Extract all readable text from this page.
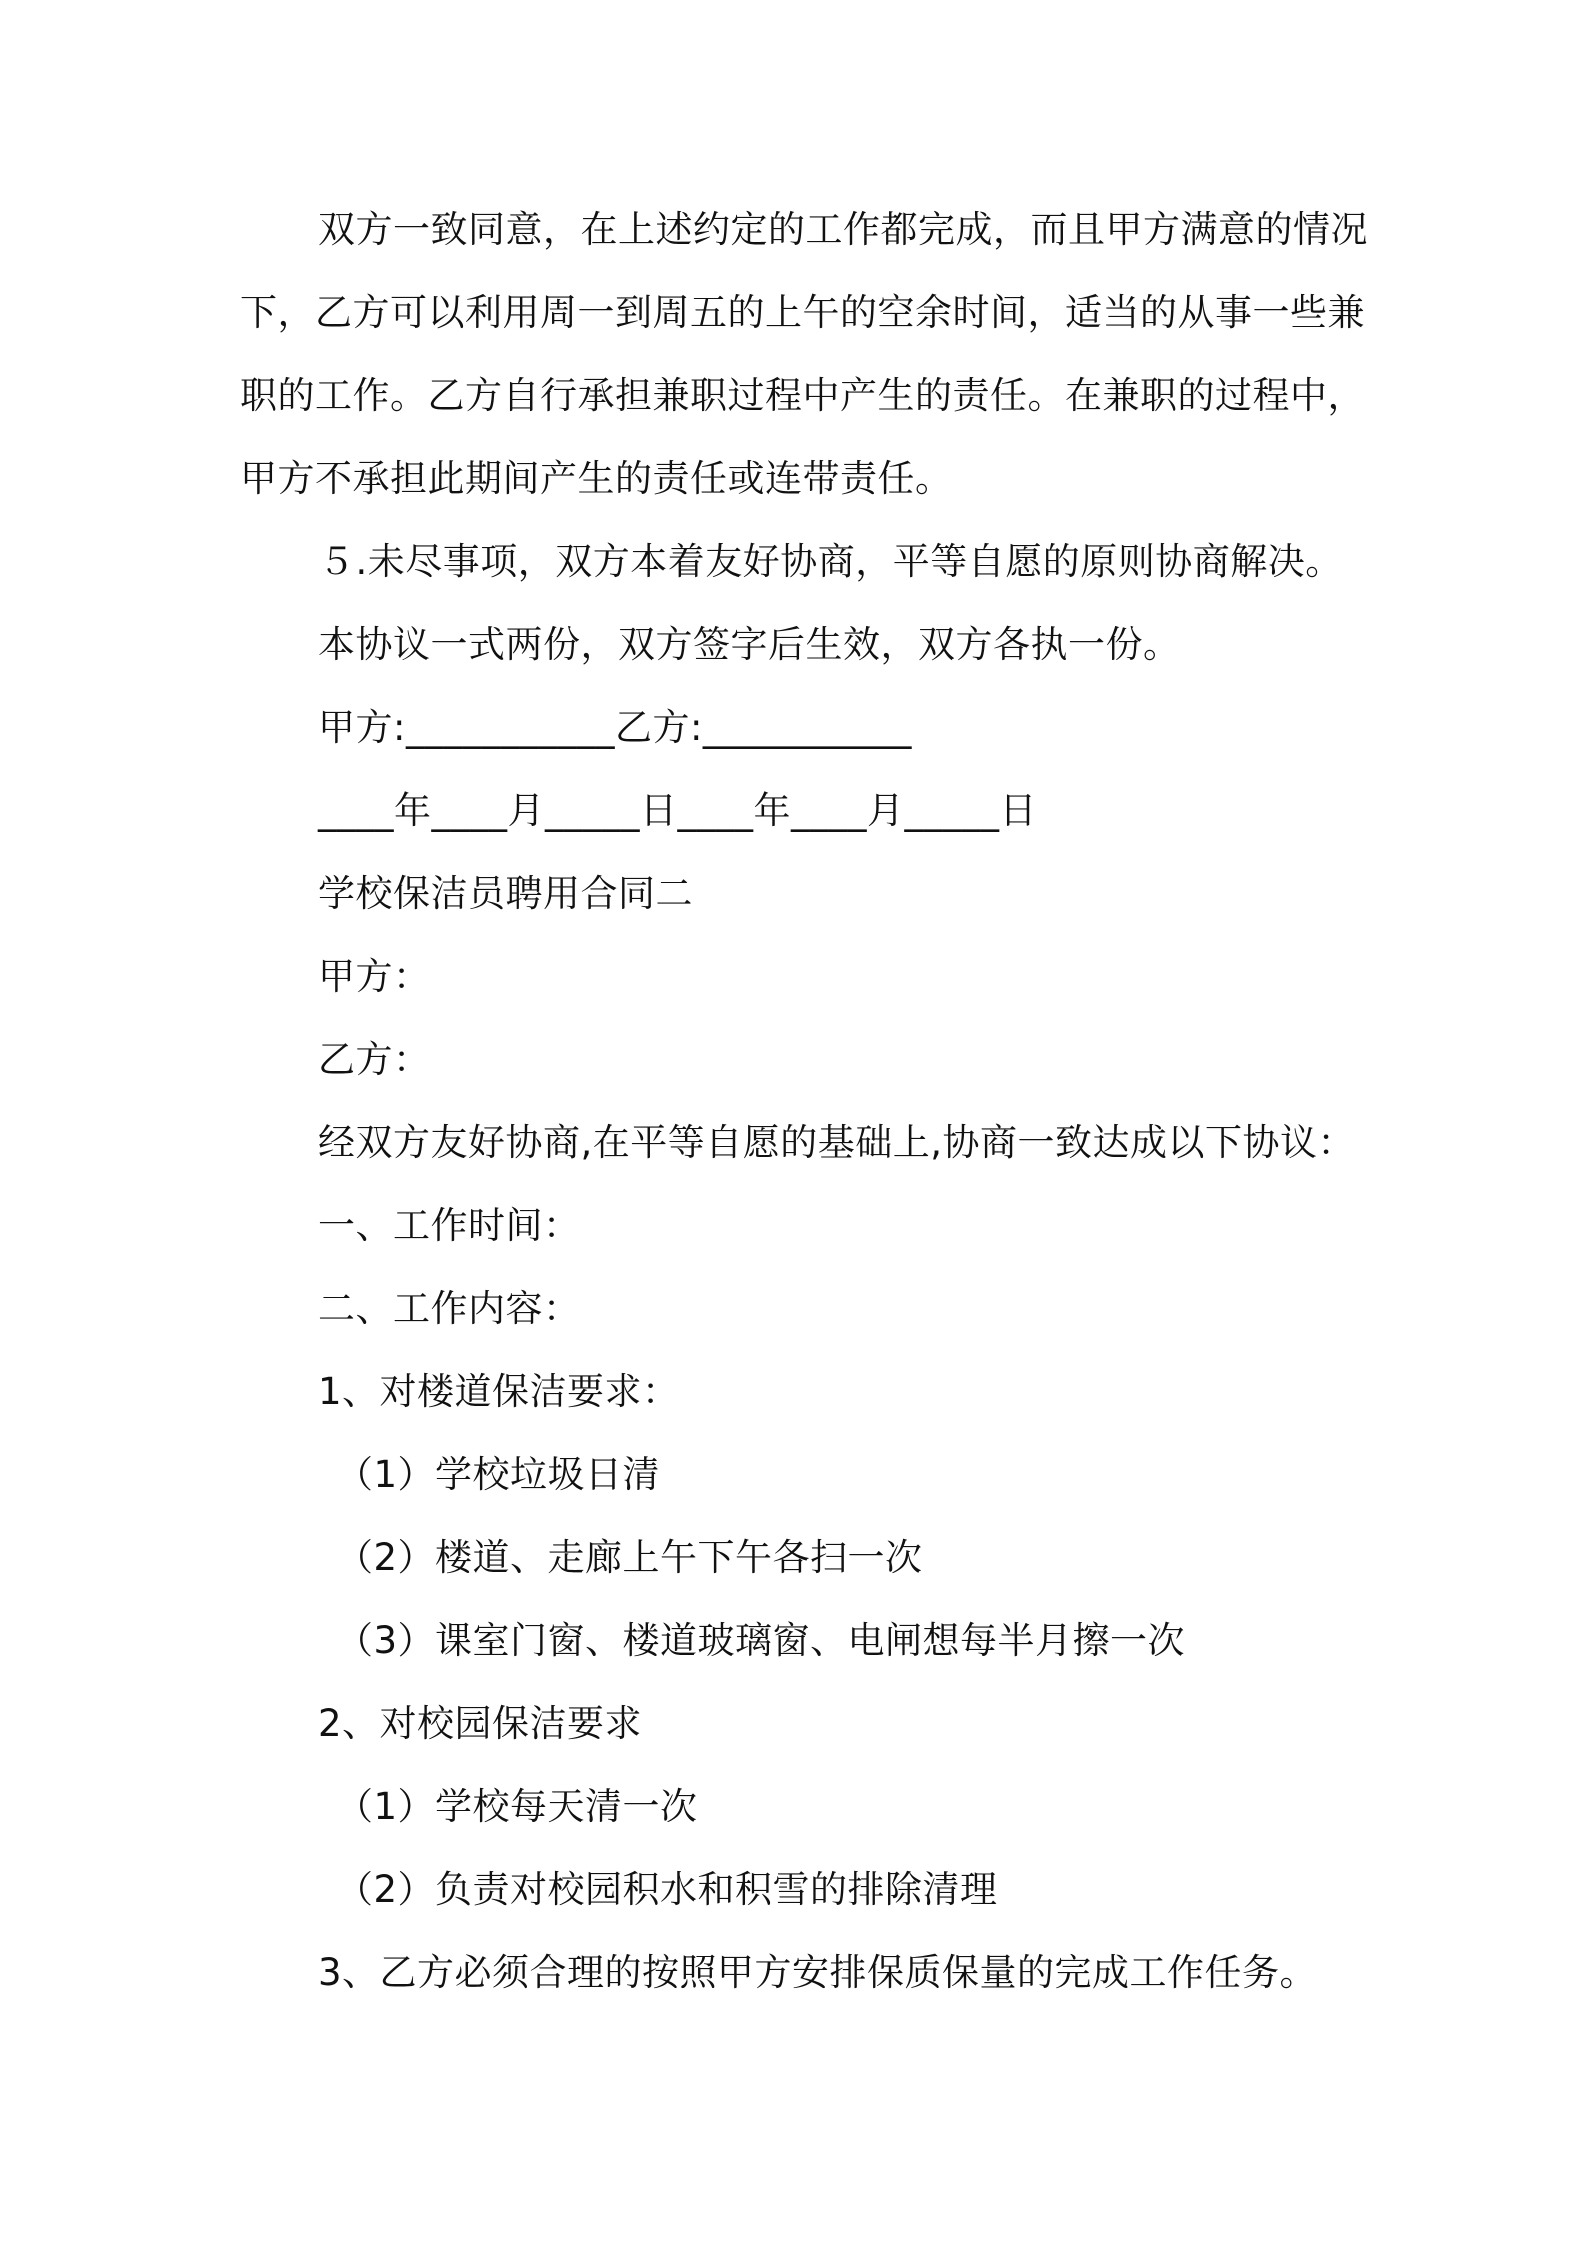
双方一致同意，在上述约定的工作都完成，而且甲方满意的情况
下，乙方可以利用周一到周五的上午的空余时间，适当的从事一些兼
职的工作。乙方自行承担兼职过程中产生的责任。在兼职的过程中，
甲方不承担此期间产生的责任或连带责任。
５.未尽事项，双方本着友好协商，平等自愿的原则协商解决。
本协议一式两份，双方签字后生效，双方各执一份。
甲方:___________乙方:___________
____年____月_____日____年____月_____日
学校保洁员聘用合同二
甲方：
乙方：
经双方友好协商,在平等自愿的基础上,协商一致达成以下协议：
一、工作时间：
二、工作内容：
1、对楼道保洁要求：
（1）学校垃圾日清
（2）楼道、走廊上午下午各扫一次
（3）课室门窗、楼道玻璃窗、电闸想每半月擦一次
2、对校园保洁要求
（1）学校每天清一次
（2）负责对校园积水和积雪的排除清理
3、乙方必须合理的按照甲方安排保质保量的完成工作任务。
